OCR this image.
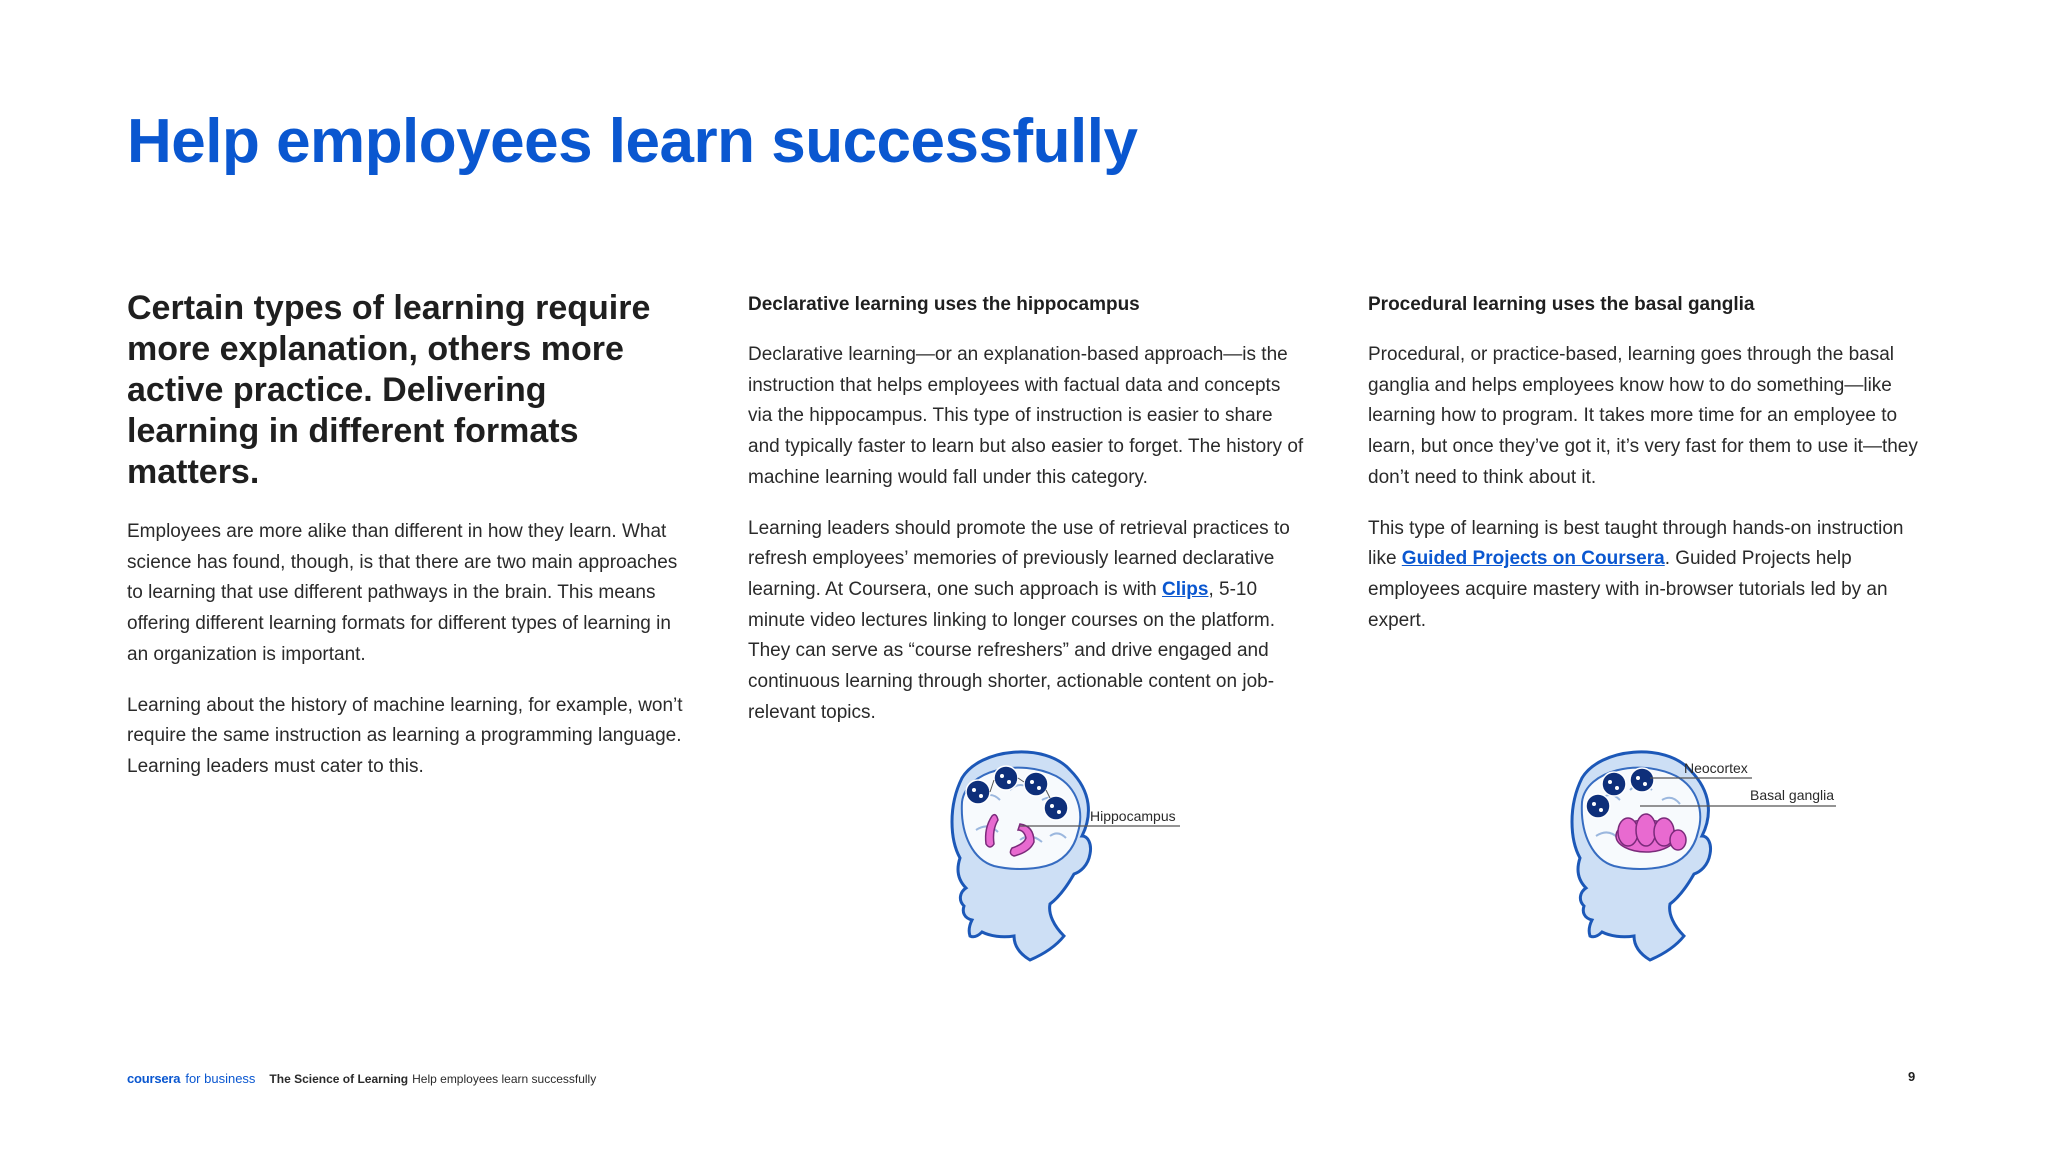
Help employees learn successfully

Certain types of learning require more explanation, others more active practice. Delivering learning in different formats matters.

Employees are more alike than different in how they learn. What science has found, though, is that there are two main approaches to learning that use different pathways in the brain. This means offering different learning formats for different types of learning in an organization is important.

Learning about the history of machine learning, for example, won’t require the same instruction as learning a programming language. Learning leaders must cater to this.

Declarative learning uses the hippocampus

Declarative learning—or an explanation-based approach—is the instruction that helps employees with factual data and concepts via the hippocampus. This type of instruction is easier to share and typically faster to learn but also easier to forget. The history of machine learning would fall under this category.

Learning leaders should promote the use of retrieval practices to refresh employees’ memories of previously learned declarative learning. At Coursera, one such approach is with Clips, 5-10 minute video lectures linking to longer courses on the platform. They can serve as “course refreshers” and drive engaged and continuous learning through shorter, actionable content on job-relevant topics.

Procedural learning uses the basal ganglia

Procedural, or practice-based, learning goes through the basal ganglia and helps employees know how to do something—like learning how to program. It takes more time for an employee to learn, but once they’ve got it, it’s very fast for them to use it—they don’t need to think about it.

This type of learning is best taught through hands-on instruction like Guided Projects on Coursera. Guided Projects help employees acquire mastery with in-browser tutorials led by an expert.

Hippocampus
Neocortex
Basal ganglia
coursera for business The Science of Learning Help employees learn successfully	9
